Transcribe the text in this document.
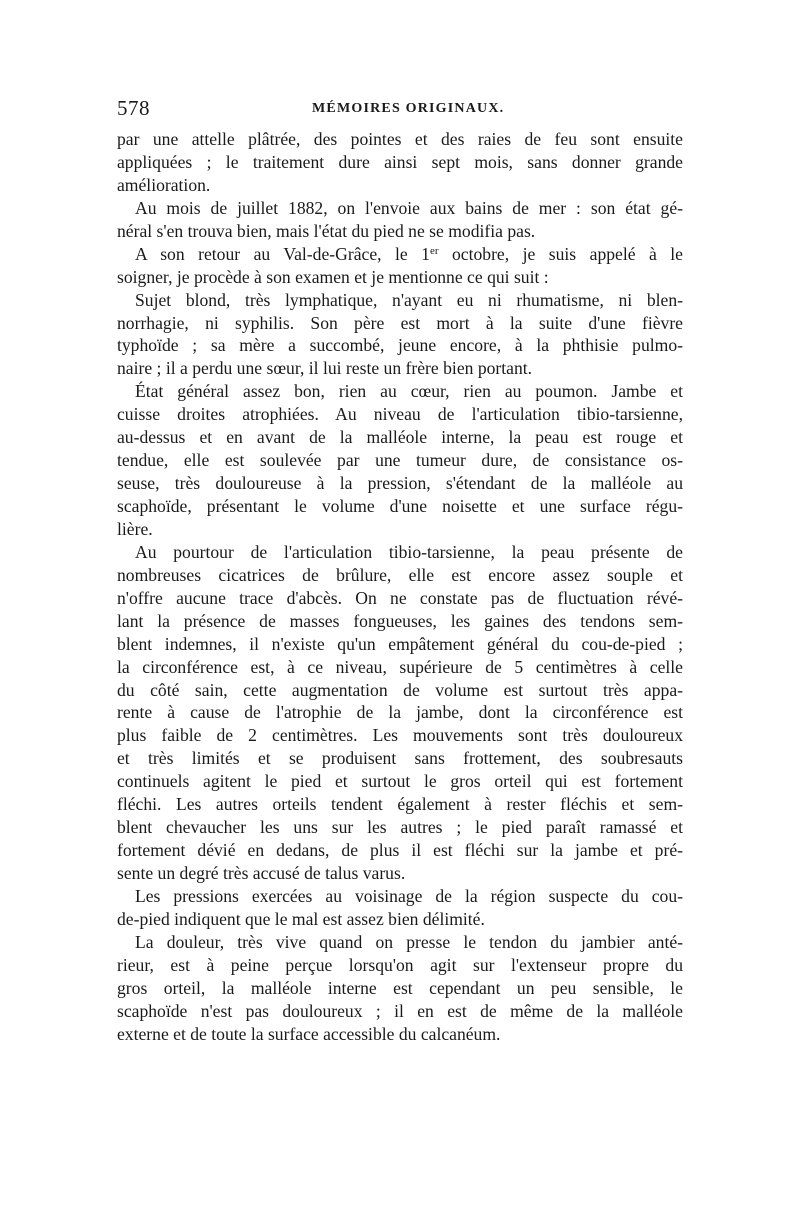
578	MÉMOIRES ORIGINAUX.
par une attelle plâtrée, des pointes et des raies de feu sont ensuite
appliquées ; le traitement dure ainsi sept mois, sans donner grande
amélioration.
Au mois de juillet 1882, on l'envoie aux bains de mer : son état gé-
néral s'en trouva bien, mais l'état du pied ne se modifia pas.
A son retour au Val-de-Grâce, le 1er octobre, je suis appelé à le
soigner, je procède à son examen et je mentionne ce qui suit :
Sujet blond, très lymphatique, n'ayant eu ni rhumatisme, ni blen-
norrhagie, ni syphilis. Son père est mort à la suite d'une fièvre
typhoïde ; sa mère a succombé, jeune encore, à la phthisie pulmo-
naire ; il a perdu une sœur, il lui reste un frère bien portant.
État général assez bon, rien au cœur, rien au poumon. Jambe et
cuisse droites atrophiées. Au niveau de l'articulation tibio-tarsienne,
au-dessus et en avant de la malléole interne, la peau est rouge et
tendue, elle est soulevée par une tumeur dure, de consistance os-
seuse, très douloureuse à la pression, s'étendant de la malléole au
scaphoïde, présentant le volume d'une noisette et une surface régu-
lière.
Au pourtour de l'articulation tibio-tarsienne, la peau présente de
nombreuses cicatrices de brûlure, elle est encore assez souple et
n'offre aucune trace d'abcès. On ne constate pas de fluctuation révé-
lant la présence de masses fongueuses, les gaines des tendons sem-
blent indemnes, il n'existe qu'un empâtement général du cou-de-pied ;
la circonférence est, à ce niveau, supérieure de 5 centimètres à celle
du côté sain, cette augmentation de volume est surtout très appa-
rente à cause de l'atrophie de la jambe, dont la circonférence est
plus faible de 2 centimètres. Les mouvements sont très douloureux
et très limités et se produisent sans frottement, des soubresauts
continuels agitent le pied et surtout le gros orteil qui est fortement
fléchi. Les autres orteils tendent également à rester fléchis et sem-
blent chevaucher les uns sur les autres ; le pied paraît ramassé et
fortement dévié en dedans, de plus il est fléchi sur la jambe et pré-
sente un degré très accusé de talus varus.
Les pressions exercées au voisinage de la région suspecte du cou-
de-pied indiquent que le mal est assez bien délimité.
La douleur, très vive quand on presse le tendon du jambier anté-
rieur, est à peine perçue lorsqu'on agit sur l'extenseur propre du
gros orteil, la malléole interne est cependant un peu sensible, le
scaphoïde n'est pas douloureux ; il en est de même de la malléole
externe et de toute la surface accessible du calcanéum.
